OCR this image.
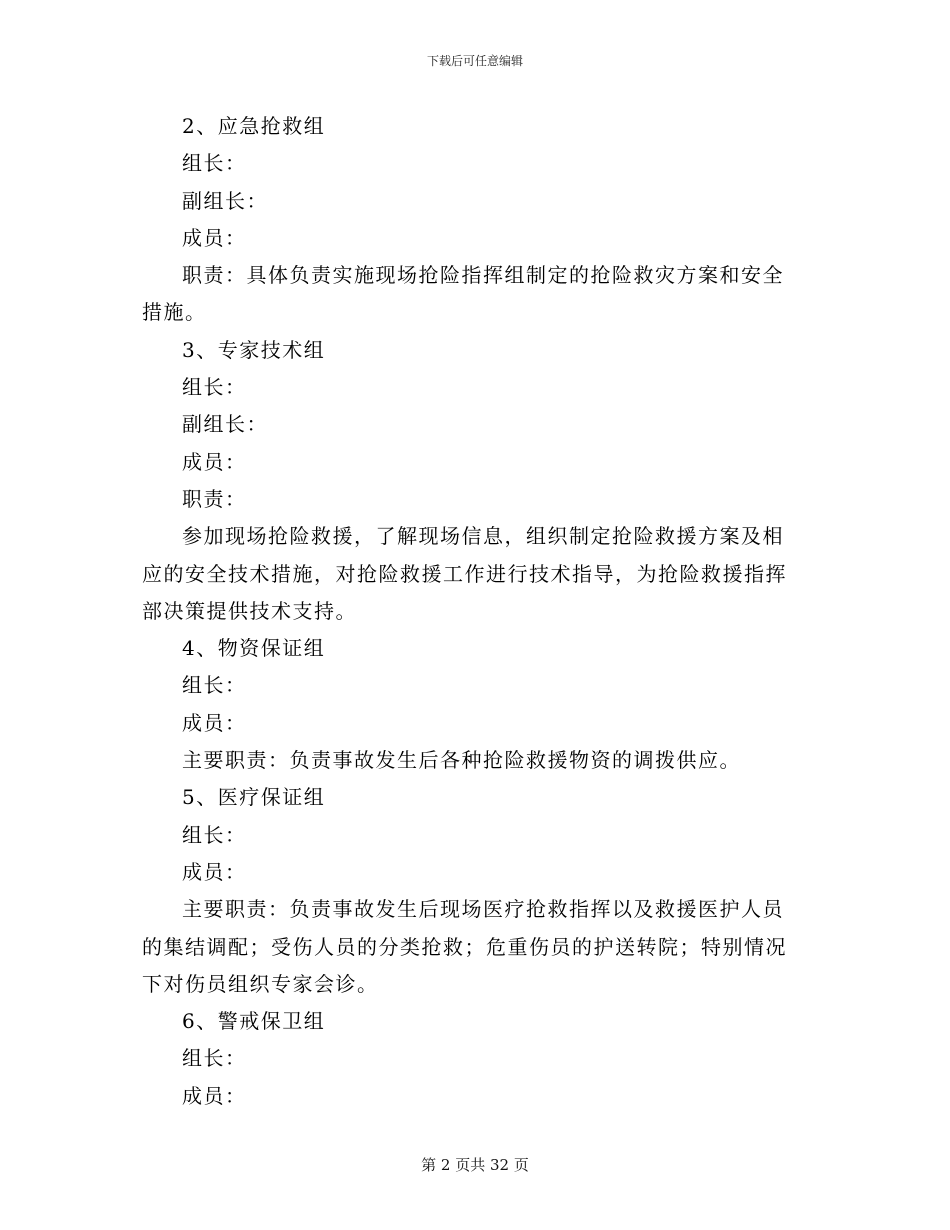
下载后可任意编辑

2、应急抢救组

组长：

副组长：

成员：

职责：具体负责实施现场抢险指挥组制定的抢险救灾方案和安全措施。

3、专家技术组

组长：

副组长：

成员：

职责：

参加现场抢险救援，了解现场信息，组织制定抢险救援方案及相应的安全技术措施，对抢险救援工作进行技术指导，为抢险救援指挥部决策提供技术支持。

4、物资保证组

组长：

成员：

主要职责：负责事故发生后各种抢险救援物资的调拨供应。

5、医疗保证组

组长：

成员：

主要职责：负责事故发生后现场医疗抢救指挥以及救援医护人员的集结调配；受伤人员的分类抢救；危重伤员的护送转院；特别情况下对伤员组织专家会诊。

6、警戒保卫组

组长：

成员：

第 2 页共 32 页
